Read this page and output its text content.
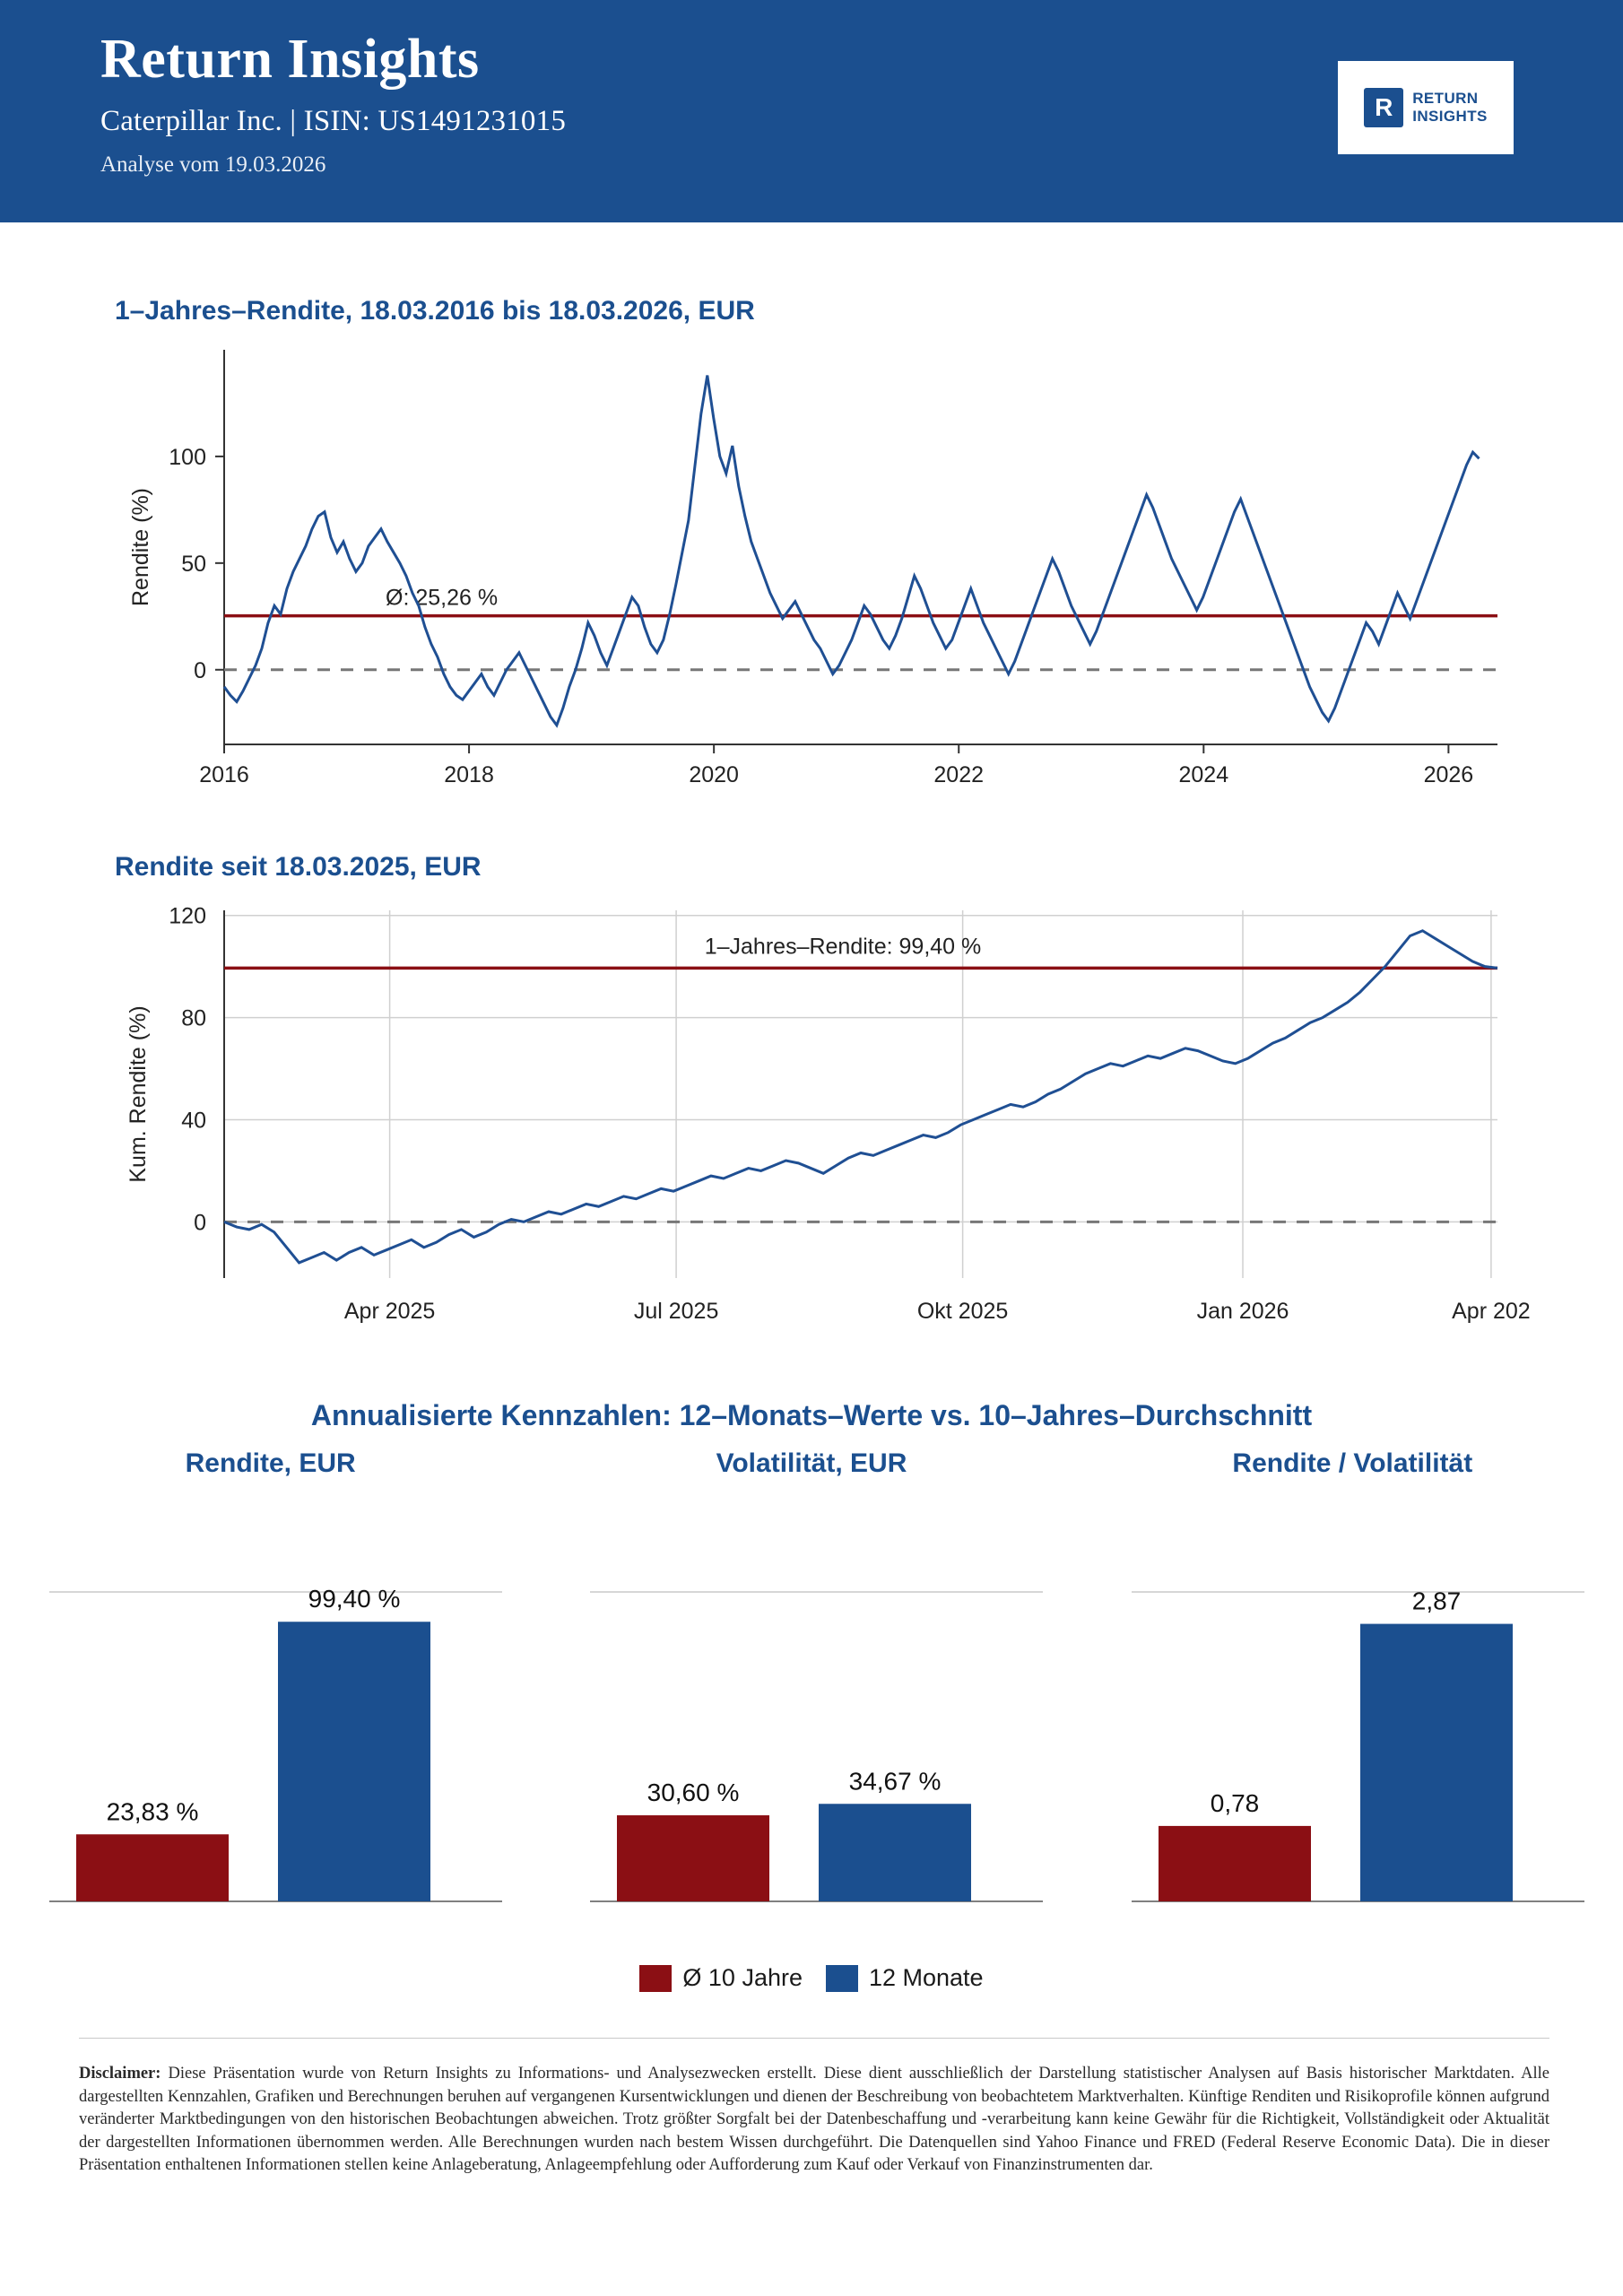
Return Insights
Caterpillar Inc. | ISIN: US1491231015
Analyse vom 19.03.2026
R	RETURN
INSIGHTS
1–Jahres–Rendite, 18.03.2016 bis 18.03.2026, EUR
0
50
100
2016	2018	2020	2022	2024	2026
Rendite (%)	Ø: 25,26 %
Rendite seit 18.03.2025, EUR
0
40
80
120
Apr 2025	Jul 2025	Okt 2025	Jan 2026	Apr 202
Kum. Rendite (%)
1–Jahres–Rendite: 99,40 %
Annualisierte Kennzahlen: 12–Monats–Werte vs. 10–Jahres–Durchschnitt
Rendite, EUR	Volatilität, EUR	Rendite / Volatilität
23,83 %
99,40 %
30,60 %	34,67 %
0,78
2,87
Ø 10 Jahre	12 Monate
Disclaimer: Diese Präsentation wurde von Return Insights zu Informations- und Analysezwecken erstellt. Diese dient ausschließlich der Darstellung statistischer Analysen auf Basis historischer Marktdaten. Alle dargestellten Kennzahlen, Grafiken und Berechnungen beruhen auf vergangenen Kursentwicklungen und dienen der Beschreibung von beobachtetem Marktverhalten. Künftige Renditen und Risikoprofile können aufgrund veränderter Marktbedingungen von den historischen Beobachtungen abweichen. Trotz größter Sorgfalt bei der Datenbeschaffung und -verarbeitung kann keine Gewähr für die Richtigkeit, Vollständigkeit oder Aktualität der dargestellten Informationen übernommen werden. Alle Berechnungen wurden nach bestem Wissen durchgeführt. Die Datenquellen sind Yahoo Finance und FRED (Federal Reserve Economic Data). Die in dieser Präsentation enthaltenen Informationen stellen keine Anlageberatung, Anlageempfehlung oder Aufforderung zum Kauf oder Verkauf von Finanzinstrumenten dar.
